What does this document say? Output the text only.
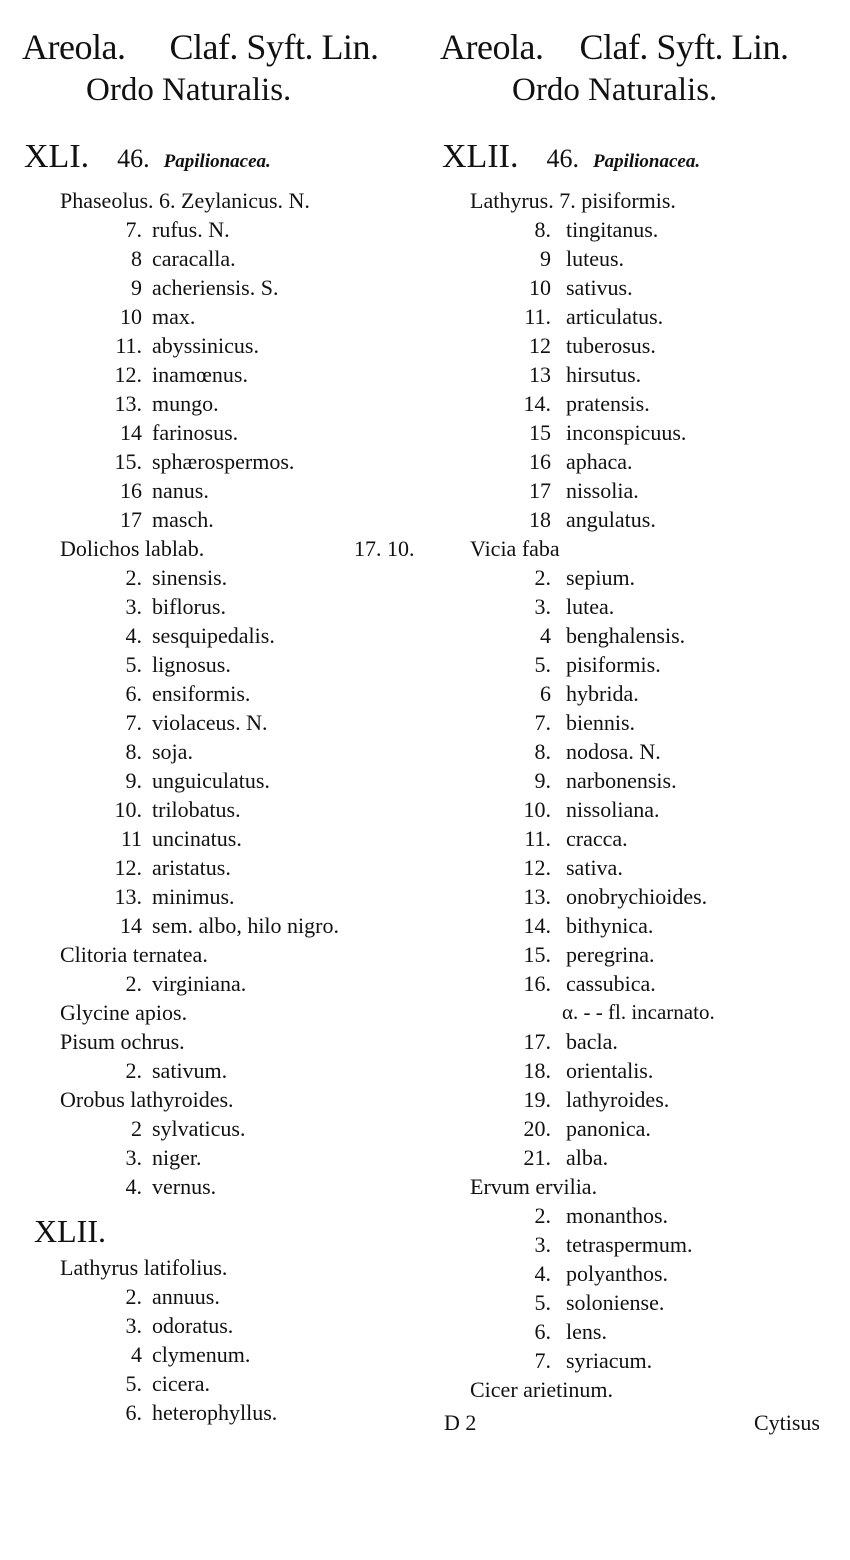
Areola. Claf. Syft. Lin.
Ordo Naturalis.
XLI. 46. Papilionacea.
Phaseolus. 6. Zeylanicus. N.
7. rufus. N.
8 caracalla.
9 acheriensis. S.
10 max.
11. abyssinicus.
12. inamœnus.
13. mungo.
14 farinosus.
15. sphærospermos.
16 nanus.
17 masch.
Dolichos lablab.	17. 10.
2. sinensis.
3. biflorus.
4. sesquipedalis.
5. lignosus.
6. ensiformis.
7. violaceus. N.
8. soja.
9. unguiculatus.
10. trilobatus.
11 uncinatus.
12. aristatus.
13. minimus.
14 sem. albo, hilo nigro.
Clitoria ternatea.
2. virginiana.
Glycine apios.
Pisum ochrus.
2. sativum.
Orobus lathyroides.
2 sylvaticus.
3. niger.
4. vernus.
XLII.
Lathyrus latifolius.
2. annuus.
3. odoratus.
4 clymenum.
5. cicera.
6. heterophyllus.
Areola. Claf. Syft. Lin.
Ordo Naturalis.
XLII. 46. Papilionacea.
Lathyrus. 7. pisiformis.
8. tingitanus.
9 luteus.
10 sativus.
11. articulatus.
12 tuberosus.
13 hirsutus.
14. pratensis.
15 inconspicuus.
16 aphaca.
17 nissolia.
18 angulatus.
Vicia faba
2. sepium.
3. lutea.
4 benghalensis.
5. pisiformis.
6 hybrida.
7. biennis.
8. nodosa. N.
9. narbonensis.
10. nissoliana.
11. cracca.
12. sativa.
13. onobrychioides.
14. bithynica.
15. peregrina.
16. cassubica.
α. - - fl. incarnato.
17. bacla.
18. orientalis.
19. lathyroides.
20. panonica.
21. alba.
Ervum ervilia.
2. monanthos.
3. tetraspermum.
4. polyanthos.
5. soloniense.
6. lens.
7. syriacum.
Cicer arietinum.
D 2	Cytisus
